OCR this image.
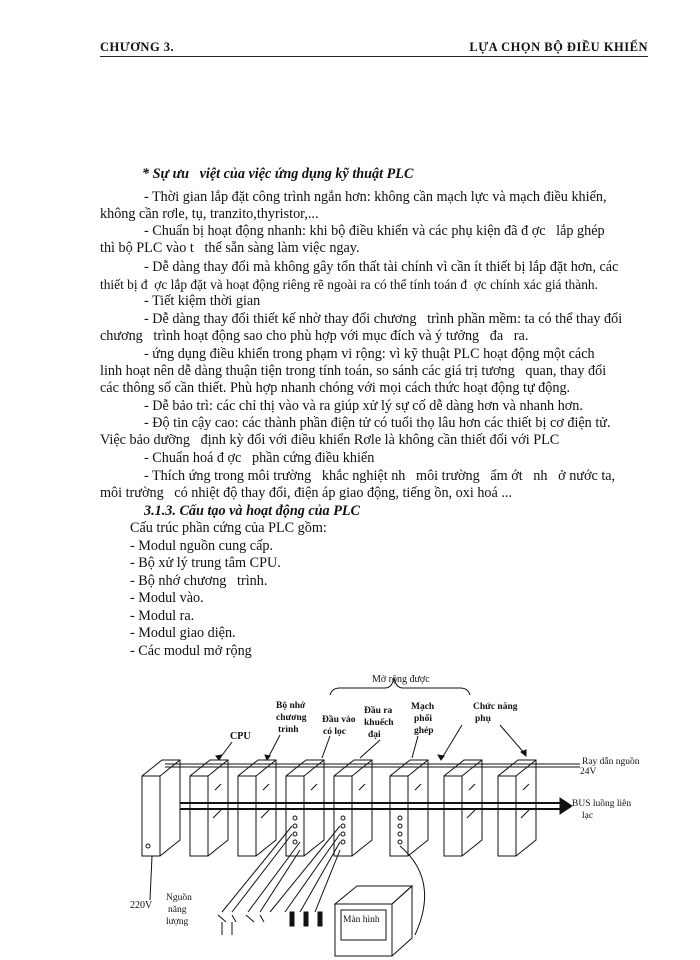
CHƯƠNG 3.	LỰA CHỌN BỘ ĐIỀU KHIỂN
* Sự ưu   việt của việc ứng dụng kỹ thuật PLC
- Thời gian lắp đặt công trình ngắn hơn: không cần mạch lực và mạch điều khiển,
không cần rơle, tụ, tranzito,thyristor,...
- Chuẩn bị hoạt động nhanh: khi bộ điều khiển và các phụ kiện đã đ ợc   lắp ghép
thì bộ PLC vào t   thế sẵn sàng làm việc ngay.
- Dễ dàng thay đổi mà không gây tổn thất tài chính vì cần ít thiết bị lắp đặt hơn, các
thiết bị đ  ợc lắp đặt và hoạt động riêng rẽ ngoài ra có thể tính toán đ  ợc chính xác giá thành.
- Tiết kiệm thời gian
- Dễ dàng thay đổi thiết kế nhờ thay đổi chương   trình phần mềm: ta có thể thay đổi
chương   trình hoạt động sao cho phù hợp với mục đích và ý tưởng   đa   ra.
- ứng dụng điều khiển trong phạm vi rộng: vì kỹ thuật PLC hoạt động một cách
linh hoạt nên dễ dàng thuận tiện trong tính toán, so sánh các giá trị tương   quan, thay đổi
các thông số cần thiết. Phù hợp nhanh chóng với mọi cách thức hoạt động tự động.
- Dễ bảo trì: các chỉ thị vào và ra giúp xử lý sự cố dễ dàng hơn và nhanh hơn.
- Độ tin cậy cao: các thành phần điện tử có tuổi thọ lâu hơn các thiết bị cơ điện tử.
Việc bảo dưỡng   định kỳ đối với điều khiển Rơle là không cần thiết đối với PLC
- Chuẩn hoá đ ợc   phần cứng điều khiển
- Thích ứng trong môi trường   khắc nghiệt nh   môi trường   ẩm ớt   nh   ở nước ta,
môi trường   có nhiệt độ thay đổi, điện áp giao động, tiếng ồn, oxi hoá ...
3.1.3. Cấu tạo và hoạt động của PLC
Cấu trúc phần cứng của PLC gồm:
- Modul nguồn cung cấp.
- Bộ xử lý trung tâm CPU.
- Bộ nhớ chương   trình.
- Modul vào.
- Modul ra.
- Modul giao diện.
- Các modul mở rộng
Mở rộng được
CPU
Bộ nhớ chương trình
Đầu vào có lọc
Đầu ra khuếch đại
Mạch phối ghép
Chức năng phụ
Ray dẫn nguồn 24V
BUS luồng liên lạc
220V
Nguồn năng lượng	Màn hình
